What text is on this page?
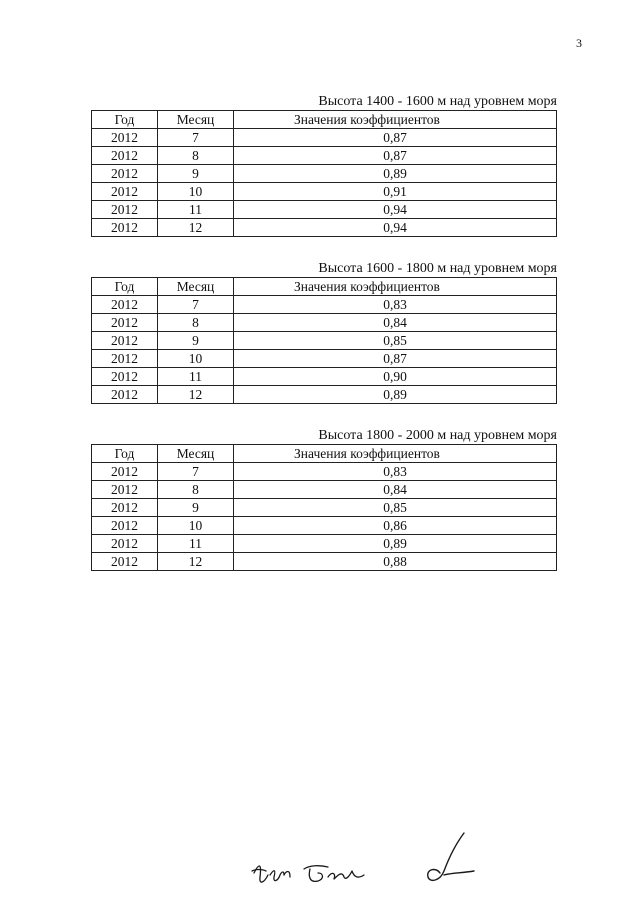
3
Высота 1400 - 1600 м над уровнем моря
Год	Месяц	Значения коэффициентов
2012	7	0,87
2012	8	0,87
2012	9	0,89
2012	10	0,91
2012	11	0,94
2012	12	0,94
Высота 1600 - 1800 м над уровнем моря
Год	Месяц	Значения коэффициентов
2012	7	0,83
2012	8	0,84
2012	9	0,85
2012	10	0,87
2012	11	0,90
2012	12	0,89
Высота 1800 - 2000 м над уровнем моря
Год	Месяц	Значения коэффициентов
2012	7	0,83
2012	8	0,84
2012	9	0,85
2012	10	0,86
2012	11	0,89
2012	12	0,88
